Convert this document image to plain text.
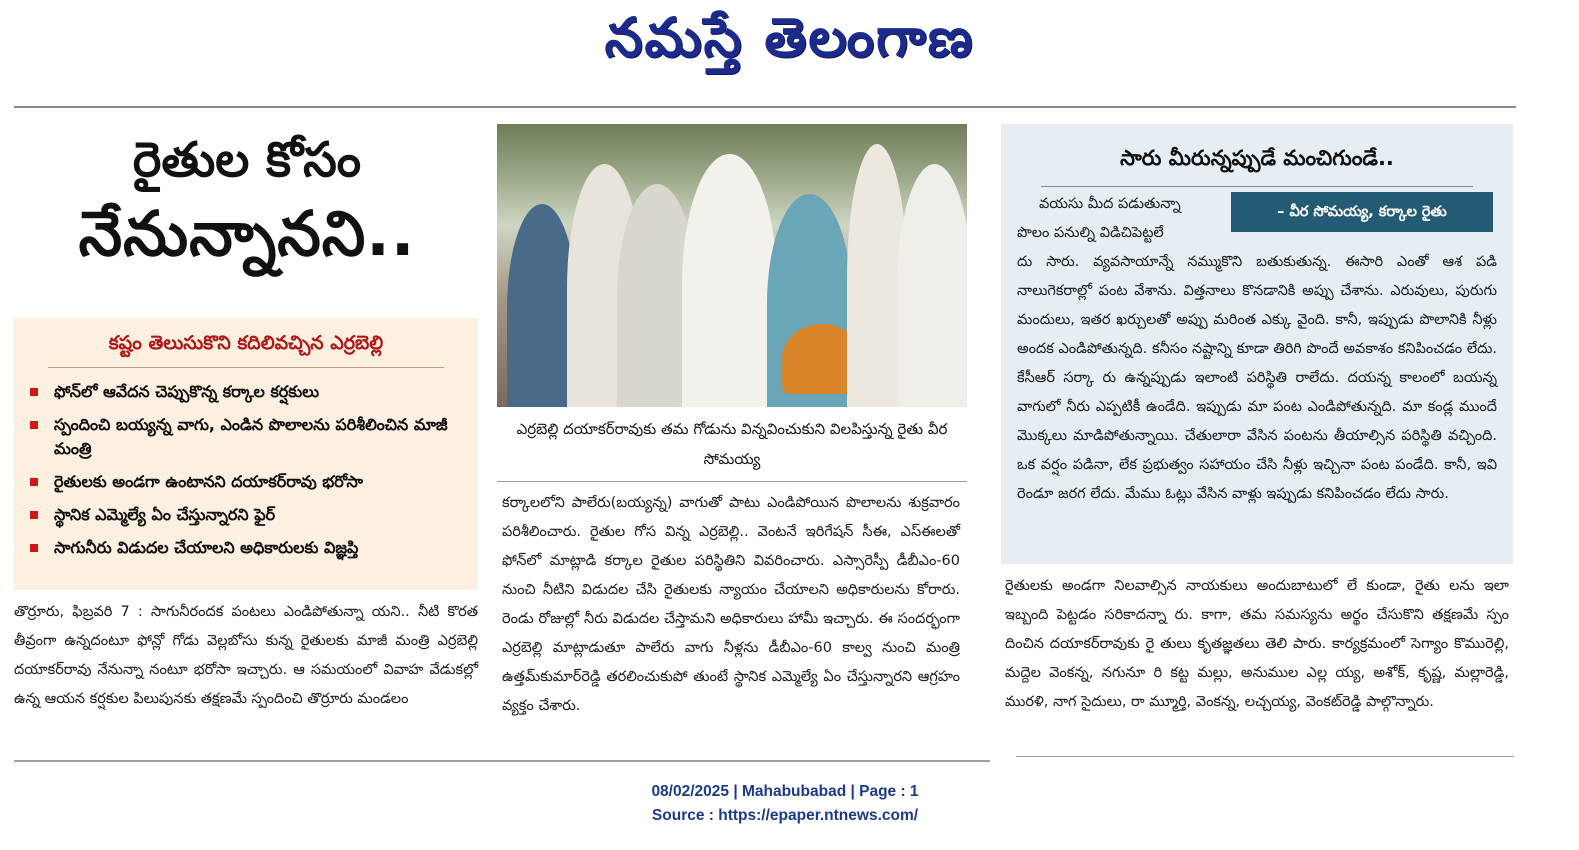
నమస్తే తెలంగాణ
రైతుల కోసం
నేనున్నానని..
కష్టం తెలుసుకొని కదిలివచ్చిన ఎర్రబెల్లి
ఫోన్‌లో ఆవేదన చెప్పుకొన్న కర్కాల కర్షకులు
స్పందించి బయ్యన్న వాగు, ఎండిన పొలాలను పరిశీలించిన మాజీ మంత్రి
రైతులకు అండగా ఉంటానని దయాకర్‌రావు భరోసా
స్థానిక ఎమ్మెల్యే ఏం చేస్తున్నారని ఫైర్
సాగునీరు విడుదల చేయాలని అధికారులకు విజ్ఞప్తి
తొర్రూరు, ఫిబ్రవరి 7 : సాగునీరందక పంటలు ఎండిపోతున్నా యని.. నీటి కొరత తీవ్రంగా ఉన్నదంటూ ఫోన్లో గోడు వెల్లబోసు కున్న రైతులకు మాజీ మంత్రి ఎర్రబెల్లి దయాకర్‌రావు నేనున్నా నంటూ భరోసా ఇచ్చారు. ఆ సమయంలో వివాహ వేడుకల్లో ఉన్న ఆయన కర్షకుల పిలుపునకు తక్షణమే స్పందించి తొర్రూరు మండలం
ఎర్రబెల్లి దయాకర్‌రావుకు తమ గోడును విన్నవించుకుని విలపిస్తున్న రైతు వీర సోమయ్య
కర్కాలలోని పాలేరు(బయ్యన్న) వాగుతో పాటు ఎండిపోయిన పొలాలను శుక్రవారం పరిశీలించారు. రైతుల గోస విన్న ఎర్రబెల్లి.. వెంటనే ఇరిగేషన్ సీఈ, ఎస్‌ఈలతో ఫోన్‌లో మాట్లాడి కర్కాల రైతుల పరిస్థితిని వివరించారు. ఎస్సారెస్పీ డీబీఎం-60 నుంచి నీటిని విడుదల చేసి రైతులకు న్యాయం చేయాలని అధికారులను కోరారు. రెండు రోజుల్లో నీరు విడుదల చేస్తామని అధికారులు హామీ ఇచ్చారు. ఈ సందర్భంగా ఎర్రబెల్లి మాట్లాడుతూ పాలేరు వాగు నీళ్లను డీబీఎం-60 కాల్వ నుంచి మంత్రి ఉత్తమ్‌కుమార్‌రెడ్డి తరలించుకుపో తుంటే స్థానిక ఎమ్మెల్యే ఏం చేస్తున్నారని ఆగ్రహం వ్యక్తం చేశారు.
సారు మీరున్నప్పుడే మంచిగుండే..
వయసు మీద పడుతున్నా
పొలం పనుల్ని విడిచిపెట్టలే
దు సారు. వ్యవసాయాన్నే నమ్ముకొని బతుకుతున్న. ఈసారి ఎంతో ఆశ పడి నాలుగెకరాల్లో పంట వేశాను. విత్తనాలు కొనడానికి అప్పు చేశాను. ఎరువులు, పురుగు మందులు, ఇతర ఖర్చులతో అప్పు మరింత ఎక్కు వైంది. కానీ, ఇప్పుడు పొలానికి నీళ్లు అందక ఎండిపోతున్నది. కనీసం నష్టాన్ని కూడా తిరిగి పొందే అవకాశం కనిపించడం లేదు. కేసీఆర్ సర్కా రు ఉన్నప్పుడు ఇలాంటి పరిస్థితి రాలేదు. దయన్న కాలంలో బయన్న వాగులో నీరు ఎప్పటికీ ఉండేది. ఇప్పుడు మా పంట ఎండిపోతున్నది. మా కండ్ల ముందే మొక్కలు మాడిపోతున్నాయి. చేతులారా వేసిన పంటను తీయాల్సిన పరిస్థితి వచ్చింది. ఒక వర్షం పడినా, లేక ప్రభుత్వం సహాయం చేసి నీళ్లు ఇచ్చినా పంట పండేది. కానీ, ఇవి రెండూ జరగ లేదు. మేము ఓట్లు వేసిన వాళ్లు ఇప్పుడు కనిపించడం లేదు సారు.
– వీర సోమయ్య, కర్కాల రైతు
రైతులకు అండగా నిలవాల్సిన నాయకులు అందుబాటులో లే కుండా, రైతు లను ఇలా ఇబ్బంది పెట్టడం సరికాదన్నా రు. కాగా, తమ సమస్యను అర్థం చేసుకొని తక్షణమే స్పం దించిన దయాకర్‌రావుకు రై తులు కృతజ్ఞతలు తెలి పారు. కార్యక్రమంలో సెగ్యాం కొమురెల్లి, మద్దెల వెంకన్న, నగునూ రి కట్ట మల్లు, అనుముల ఎల్ల య్య, అశోక్, కృష్ణ, మల్లారెడ్డి, మురళి, నాగ సైదులు, రా మ్మూర్తి, వెంకన్న, లచ్చయ్య, వెంకట్‌రెడ్డి పాల్గొన్నారు.
08/02/2025 | Mahabubabad | Page : 1
Source : https://epaper.ntnews.com/
